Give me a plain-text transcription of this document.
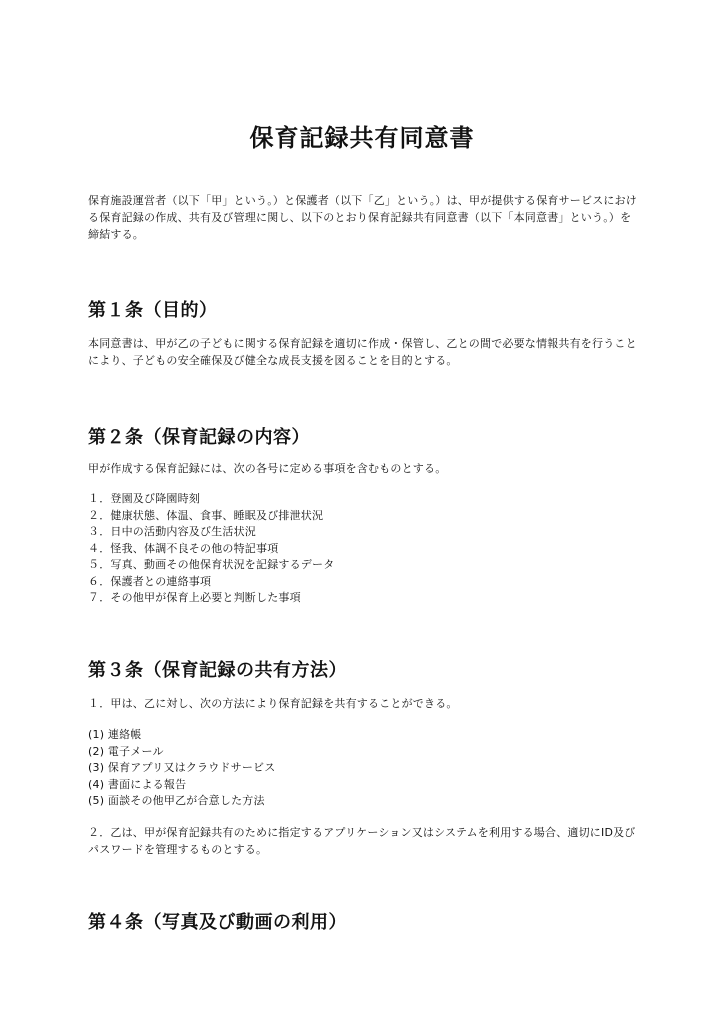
保育記録共有同意書

保育施設運営者（以下「甲」という。）と保護者（以下「乙」という。）は、甲が提供する保育サービスにおける保育記録の作成、共有及び管理に関し、以下のとおり保育記録共有同意書（以下「本同意書」という。）を締結する。

第１条（目的）

本同意書は、甲が乙の子どもに関する保育記録を適切に作成・保管し、乙との間で必要な情報共有を行うことにより、子どもの安全確保及び健全な成長支援を図ることを目的とする。

第２条（保育記録の内容）

甲が作成する保育記録には、次の各号に定める事項を含むものとする。

１．登園及び降園時刻
２．健康状態、体温、食事、睡眠及び排泄状況
３．日中の活動内容及び生活状況
４．怪我、体調不良その他の特記事項
５．写真、動画その他保育状況を記録するデータ
６．保護者との連絡事項
７．その他甲が保育上必要と判断した事項
第３条（保育記録の共有方法）

１．甲は、乙に対し、次の方法により保育記録を共有することができる。

(1) 連絡帳
(2) 電子メール
(3) 保育アプリ又はクラウドサービス
(4) 書面による報告
(5) 面談その他甲乙が合意した方法

２．乙は、甲が保育記録共有のために指定するアプリケーション又はシステムを利用する場合、適切にID及びパスワードを管理するものとする。

第４条（写真及び動画の利用）
